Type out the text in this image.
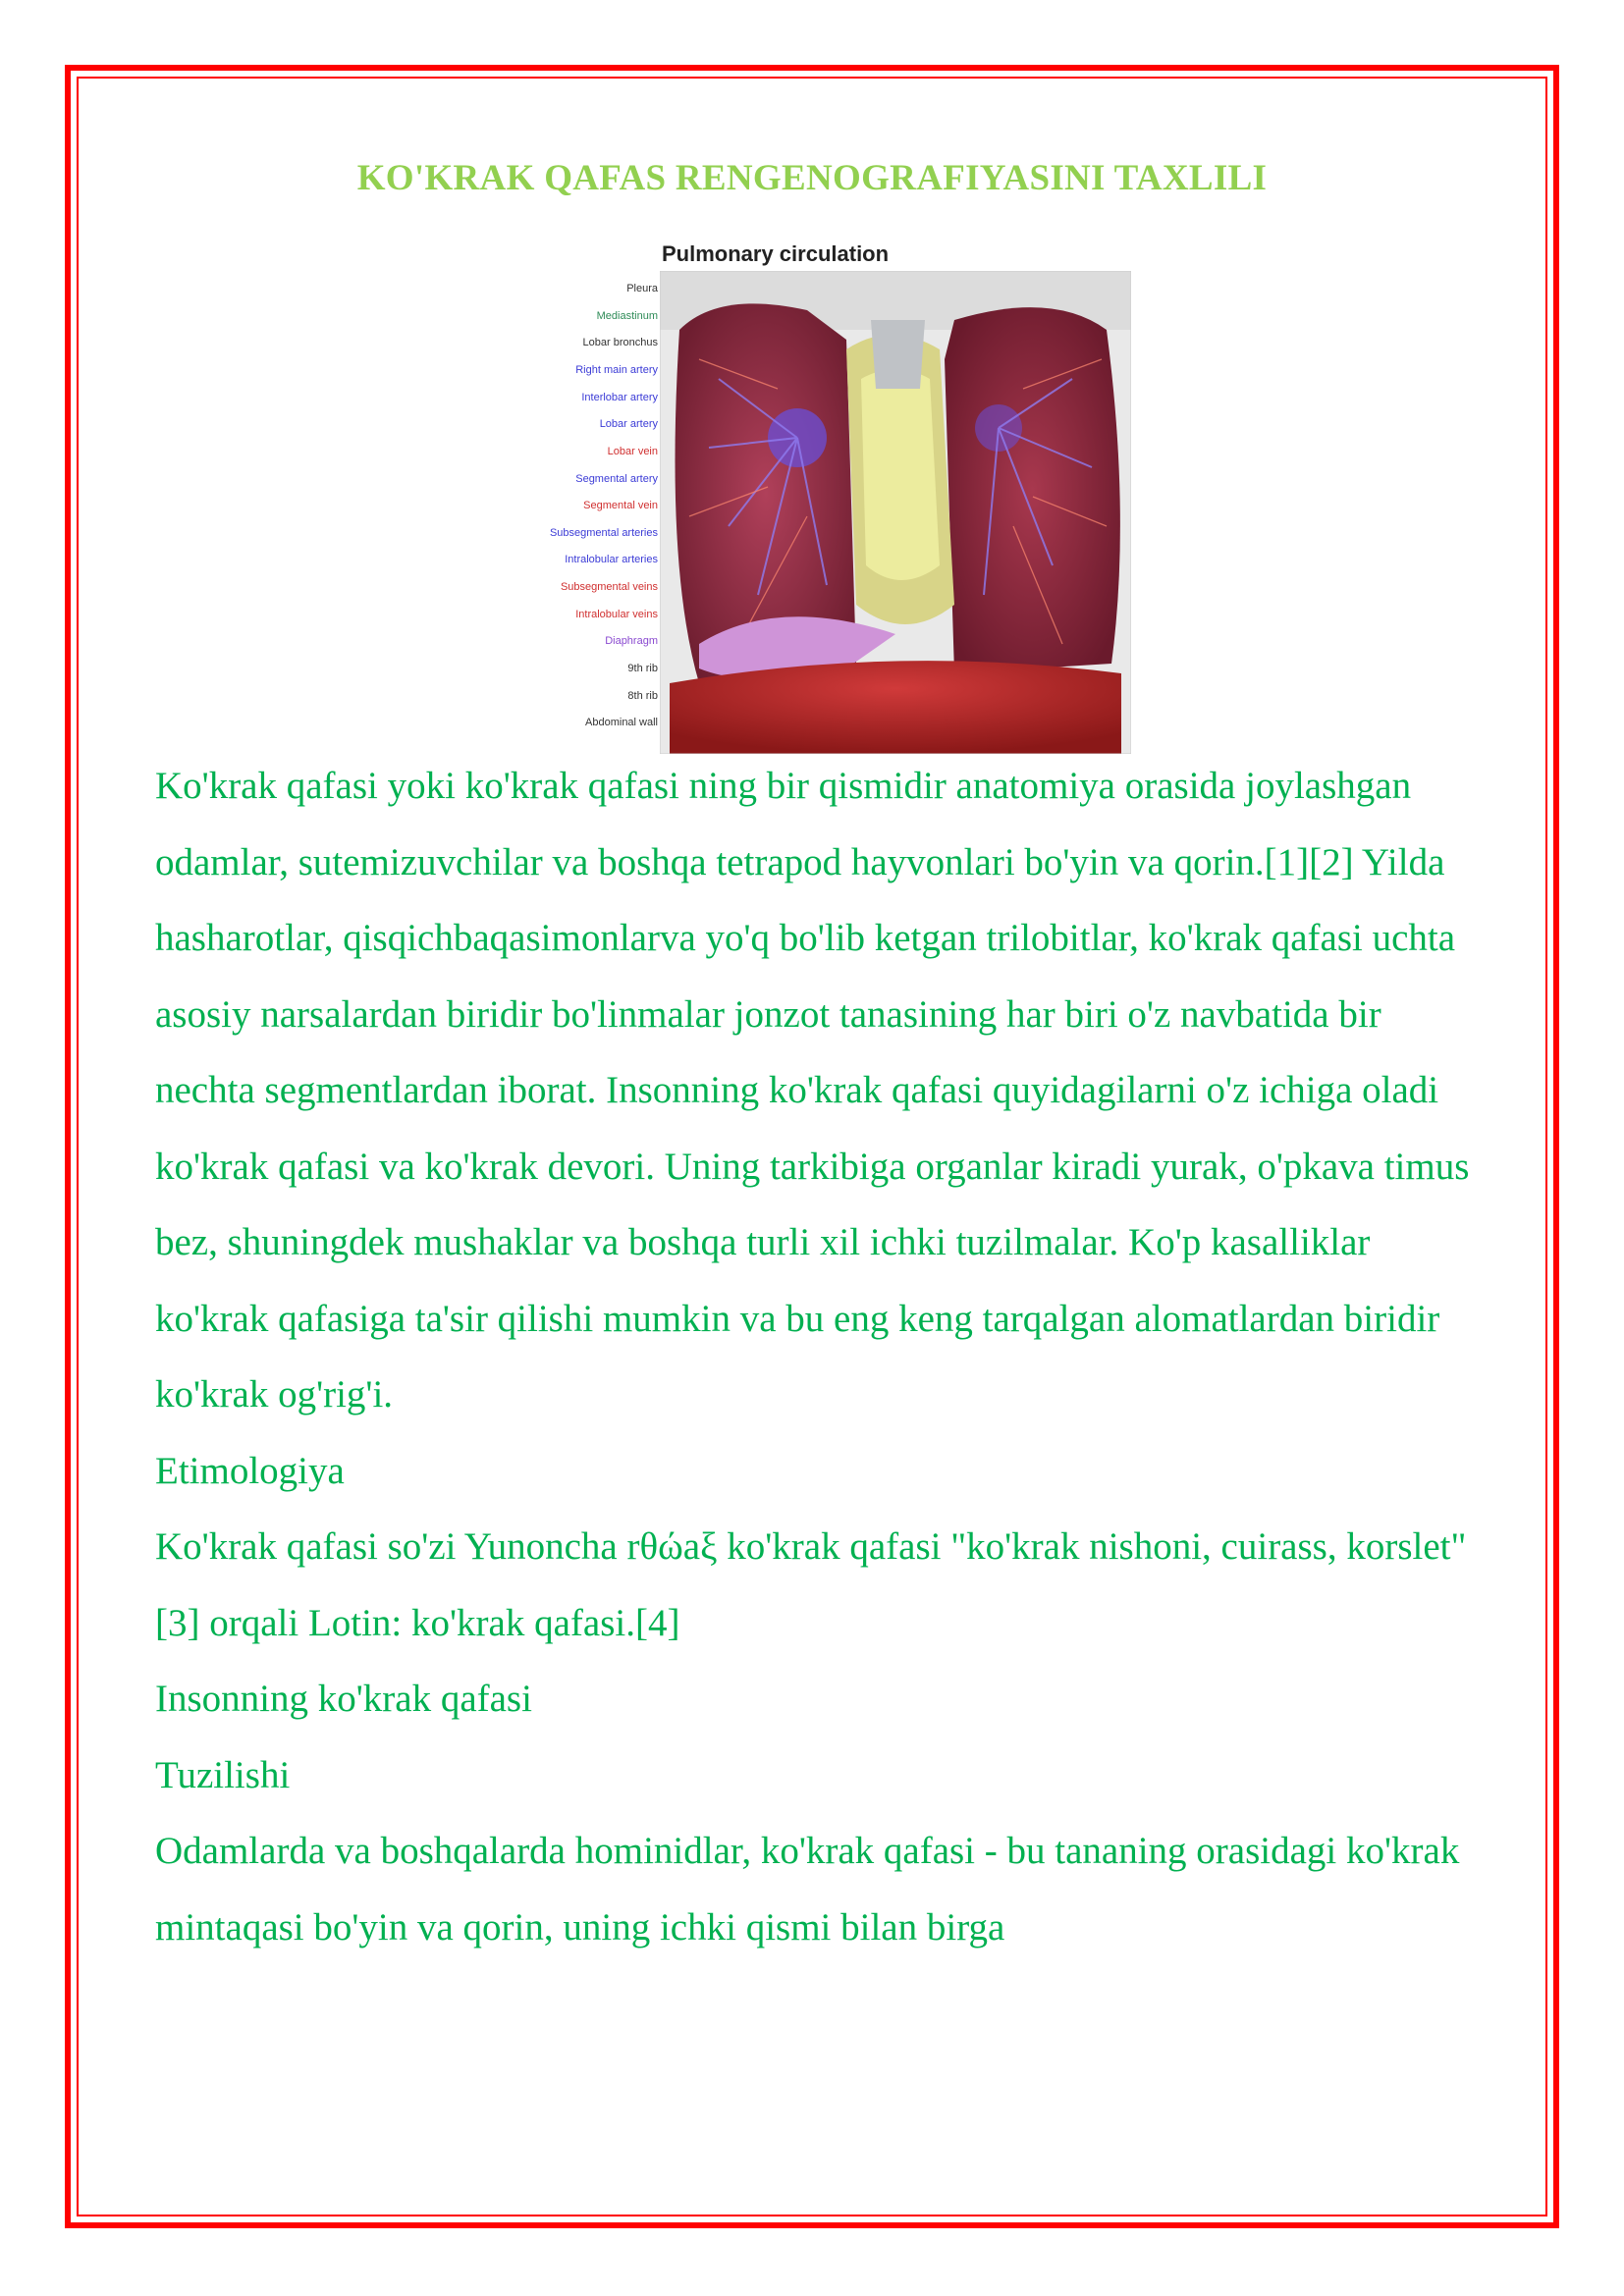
KO'KRAK QAFAS RENGENOGRAFIYASINI TAXLILI
Pulmonary circulation
Pleura
Mediastinum
Lobar bronchus
Right main artery
Interlobar artery
Lobar artery
Lobar vein
Segmental artery
Segmental vein
Subsegmental arteries
Intralobular arteries
Subsegmental veins
Intralobular veins
Diaphragm
9th rib
8th rib
Abdominal wall

Ko'krak qafasi yoki ko'krak qafasi ning bir qismidir anatomiya orasida joylashgan odamlar, sutemizuvchilar va boshqa tetrapod hayvonlari bo'yin va qorin.[1][2] Yilda hasharotlar, qisqichbaqasimonlarva yo'q bo'lib ketgan trilobitlar, ko'krak qafasi uchta asosiy narsalardan biridir bo'linmalar jonzot tanasining har biri o'z navbatida bir nechta segmentlardan iborat. Insonning ko'krak qafasi quyidagilarni o'z ichiga oladi ko'krak qafasi va ko'krak devori. Uning tarkibiga organlar kiradi yurak, o'pkava timus bez, shuningdek mushaklar va boshqa turli xil ichki tuzilmalar. Ko'p kasalliklar ko'krak qafasiga ta'sir qilishi mumkin va bu eng keng tarqalgan alomatlardan biridir ko'krak og'rig'i.

Etimologiya

Ko'krak qafasi so'zi Yunoncha rθώaξ ko'krak qafasi "ko'krak nishoni, cuirass, korslet"[3] orqali Lotin: ko'krak qafasi.[4]

Insonning ko'krak qafasi

Tuzilishi

Odamlarda va boshqalarda hominidlar, ko'krak qafasi - bu tananing orasidagi ko'krak mintaqasi bo'yin va qorin, uning ichki qismi bilan birga
